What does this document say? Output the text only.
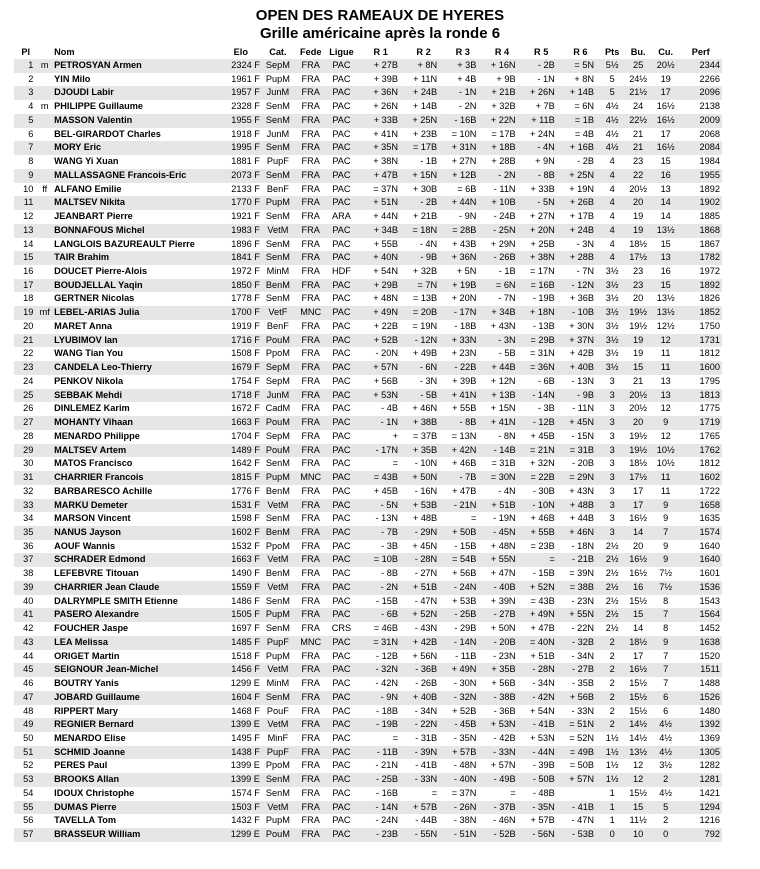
OPEN DES RAMEAUX DE HYERES
Grille américaine après la ronde 6
Pl		Nom	Elo	Cat.	Fede	Ligue	R 1	R 2	R 3	R 4	R 5	R 6	Pts	Bu.	Cu.	Perf
1	m	PETROSYAN Armen	2324 F	SepM	FRA	PAC	+ 27B	+ 8N	+ 3B	+ 16N	- 2B	= 5N	5½	25	20½	2344
2		YIN Milo	1961 F	PupM	FRA	PAC	+ 39B	+ 11N	+ 4B	+ 9B	- 1N	+ 8N	5	24½	19	2266
3		DJOUDI Labir	1957 F	JunM	FRA	PAC	+ 36N	+ 24B	- 1N	+ 21B	+ 26N	+ 14B	5	21½	17	2096
4	m	PHILIPPE Guillaume	2328 F	SenM	FRA	PAC	+ 26N	+ 14B	- 2N	+ 32B	+ 7B	= 6N	4½	24	16½	2138
5		MASSON Valentin	1955 F	SenM	FRA	PAC	+ 33B	+ 25N	- 16B	+ 22N	+ 11B	= 1B	4½	22½	16½	2009
6		BEL-GIRARDOT Charles	1918 F	JunM	FRA	PAC	+ 41N	+ 23B	= 10N	= 17B	+ 24N	= 4B	4½	21	17	2068
7		MORY Eric	1995 F	SenM	FRA	PAC	+ 35N	= 17B	+ 31N	+ 18B	- 4N	+ 16B	4½	21	16½	2084
8		WANG Yi Xuan	1881 F	PupF	FRA	PAC	+ 38N	- 1B	+ 27N	+ 28B	+ 9N	- 2B	4	23	15	1984
9		MALLASSAGNE Francois-Eric	2073 F	SenM	FRA	PAC	+ 47B	+ 15N	+ 12B	- 2N	- 8B	+ 25N	4	22	16	1955
10	ff	ALFANO Emilie	2133 F	BenF	FRA	PAC	= 37N	+ 30B	= 6B	- 11N	+ 33B	+ 19N	4	20½	13	1892
11		MALTSEV Nikita	1770 F	PupM	FRA	PAC	+ 51N	- 2B	+ 44N	+ 10B	- 5N	+ 26B	4	20	14	1902
12		JEANBART Pierre	1921 F	SenM	FRA	ARA	+ 44N	+ 21B	- 9N	- 24B	+ 27N	+ 17B	4	19	14	1885
13		BONNAFOUS Michel	1983 F	VetM	FRA	PAC	+ 34B	= 18N	= 28B	- 25N	+ 20N	+ 24B	4	19	13½	1868
14		LANGLOIS BAZUREAULT Pierre	1896 F	SenM	FRA	PAC	+ 55B	- 4N	+ 43B	+ 29N	+ 25B	- 3N	4	18½	15	1867
15		TAIR Brahim	1841 F	SenM	FRA	PAC	+ 40N	- 9B	+ 36N	- 26B	+ 38N	+ 28B	4	17½	13	1782
16		DOUCET Pierre-Alois	1972 F	MinM	FRA	HDF	+ 54N	+ 32B	+ 5N	- 1B	= 17N	- 7N	3½	23	16	1972
17		BOUDJELLAL Yaqin	1850 F	BenM	FRA	PAC	+ 29B	= 7N	+ 19B	= 6N	= 16B	- 12N	3½	23	15	1892
18		GERTNER Nicolas	1778 F	SenM	FRA	PAC	+ 48N	= 13B	+ 20N	- 7N	- 19B	+ 36B	3½	20	13½	1826
19	mf	LEBEL-ARIAS Julia	1700 F	VetF	MNC	PAC	+ 49N	= 20B	- 17N	+ 34B	+ 18N	- 10B	3½	19½	13½	1852
20		MARET Anna	1919 F	BenF	FRA	PAC	+ 22B	= 19N	- 18B	+ 43N	- 13B	+ 30N	3½	19½	12½	1750
21		LYUBIMOV Ian	1716 F	PouM	FRA	PAC	+ 52B	- 12N	+ 33N	- 3N	= 29B	+ 37N	3½	19	12	1731
22		WANG Tian You	1508 F	PpoM	FRA	PAC	- 20N	+ 49B	+ 23N	- 5B	= 31N	+ 42B	3½	19	11	1812
23		CANDELA Leo-Thierry	1679 F	SepM	FRA	PAC	+ 57N	- 6N	- 22B	+ 44B	= 36N	+ 40B	3½	15	11	1600
24		PENKOV Nikola	1754 F	SepM	FRA	PAC	+ 56B	- 3N	+ 39B	+ 12N	- 6B	- 13N	3	21	13	1795
25		SEBBAK Mehdi	1718 F	JunM	FRA	PAC	+ 53N	- 5B	+ 41N	+ 13B	- 14N	- 9B	3	20½	13	1813
26		DINLEMEZ Karim	1672 F	CadM	FRA	PAC	- 4B	+ 46N	+ 55B	+ 15N	- 3B	- 11N	3	20½	12	1775
27		MOHANTY Vihaan	1663 F	PouM	FRA	PAC	- 1N	+ 38B	- 8B	+ 41N	- 12B	+ 45N	3	20	9	1719
28		MENARDO Philippe	1704 F	SepM	FRA	PAC	+	= 37B	= 13N	- 8N	+ 45B	- 15N	3	19½	12	1765
29		MALTSEV Artem	1489 F	PouM	FRA	PAC	- 17N	+ 35B	+ 42N	- 14B	= 21N	= 31B	3	19½	10½	1762
30		MATOS Francisco	1642 F	SenM	FRA	PAC	=	- 10N	+ 46B	= 31B	+ 32N	- 20B	3	18½	10½	1812
31		CHARRIER Francois	1815 F	PupM	MNC	PAC	= 43B	+ 50N	- 7B	= 30N	= 22B	= 29N	3	17½	11	1602
32		BARBARESCO Achille	1776 F	BenM	FRA	PAC	+ 45B	- 16N	+ 47B	- 4N	- 30B	+ 43N	3	17	11	1722
33		MARKU Demeter	1531 F	VetM	FRA	PAC	- 5N	+ 53B	- 21N	+ 51B	- 10N	+ 48B	3	17	9	1658
34		MARSON Vincent	1598 F	SenM	FRA	PAC	- 13N	+ 48B	=	- 19N	+ 46B	+ 44B	3	16½	9	1635
35		NANUS Jayson	1602 F	BenM	FRA	PAC	- 7B	- 29N	+ 50B	- 45N	+ 55B	+ 46N	3	14	7	1574
36		AOUF Wannis	1532 F	PpoM	FRA	PAC	- 3B	+ 45N	- 15B	+ 48N	= 23B	- 18N	2½	20	9	1640
37		SCHRADER Edmond	1663 F	VetM	FRA	PAC	= 10B	- 28N	= 54B	+ 55N	=	- 21B	2½	16½	9	1640
38		LEFEBVRE Titouan	1490 F	BenM	FRA	PAC	- 8B	- 27N	+ 56B	+ 47N	- 15B	= 39N	2½	16½	7½	1601
39		CHARRIER Jean Claude	1559 F	VetM	FRA	PAC	- 2N	+ 51B	- 24N	- 40B	+ 52N	= 38B	2½	16	7½	1536
40		DALRYMPLE SMITH Etienne	1486 F	SenM	FRA	PAC	- 15B	- 47N	+ 53B	+ 39N	= 43B	- 23N	2½	15½	8	1543
41		PASERO Alexandre	1505 F	PupM	FRA	PAC	- 6B	+ 52N	- 25B	- 27B	+ 49N	+ 55N	2½	15	7	1564
42		FOUCHER Jaspe	1697 F	SenM	FRA	CRS	= 46B	- 43N	- 29B	+ 50N	+ 47B	- 22N	2½	14	8	1452
43		LEA Melissa	1485 F	PupF	MNC	PAC	= 31N	+ 42B	- 14N	- 20B	= 40N	- 32B	2	18½	9	1638
44		ORIGET Martin	1518 F	PupM	FRA	PAC	- 12B	+ 56N	- 11B	- 23N	+ 51B	- 34N	2	17	7	1520
45		SEIGNOUR Jean-Michel	1456 F	VetM	FRA	PAC	- 32N	- 36B	+ 49N	+ 35B	- 28N	- 27B	2	16½	7	1511
46		BOUTRY Yanis	1299 E	MinM	FRA	PAC	- 42N	- 26B	- 30N	+ 56B	- 34N	- 35B	2	15½	7	1488
47		JOBARD Guillaume	1604 F	SenM	FRA	PAC	- 9N	+ 40B	- 32N	- 38B	- 42N	+ 56B	2	15½	6	1526
48		RIPPERT Mary	1468 F	PouF	FRA	PAC	- 18B	- 34N	+ 52B	- 36B	+ 54N	- 33N	2	15½	6	1480
49		REGNIER Bernard	1399 E	VetM	FRA	PAC	- 19B	- 22N	- 45B	+ 53N	- 41B	= 51N	2	14½	4½	1392
50		MENARDO Elise	1495 F	MinF	FRA	PAC	=	- 31B	- 35N	- 42B	+ 53N	= 52N	1½	14½	4½	1369
51		SCHMID Joanne	1438 F	PupF	FRA	PAC	- 11B	- 39N	+ 57B	- 33N	- 44N	= 49B	1½	13½	4½	1305
52		PERES Paul	1399 E	PpoM	FRA	PAC	- 21N	- 41B	- 48N	+ 57N	- 39B	= 50B	1½	12	3½	1282
53		BROOKS Allan	1399 E	SenM	FRA	PAC	- 25B	- 33N	- 40N	- 49B	- 50B	+ 57N	1½	12	2	1281
54		IDOUX Christophe	1574 F	SenM	FRA	PAC	- 16B	=	= 37N	=	- 48B		1	15½	4½	1421
55		DUMAS Pierre	1503 F	VetM	FRA	PAC	- 14N	+ 57B	- 26N	- 37B	- 35N	- 41B	1	15	5	1294
56		TAVELLA Tom	1432 F	PupM	FRA	PAC	- 24N	- 44B	- 38N	- 46N	+ 57B	- 47N	1	11½	2	1216
57		BRASSEUR William	1299 E	PouM	FRA	PAC	- 23B	- 55N	- 51N	- 52B	- 56N	- 53B	0	10	0	792
